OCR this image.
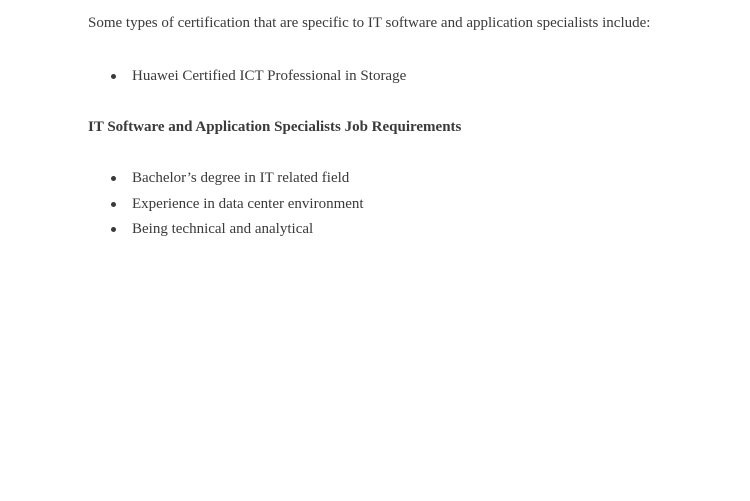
Some types of certification that are specific to IT software and application specialists include:

Huawei Certified ICT Professional in Storage
IT Software and Application Specialists Job Requirements
Bachelor’s degree in IT related field
Experience in data center environment
Being technical and analytical
